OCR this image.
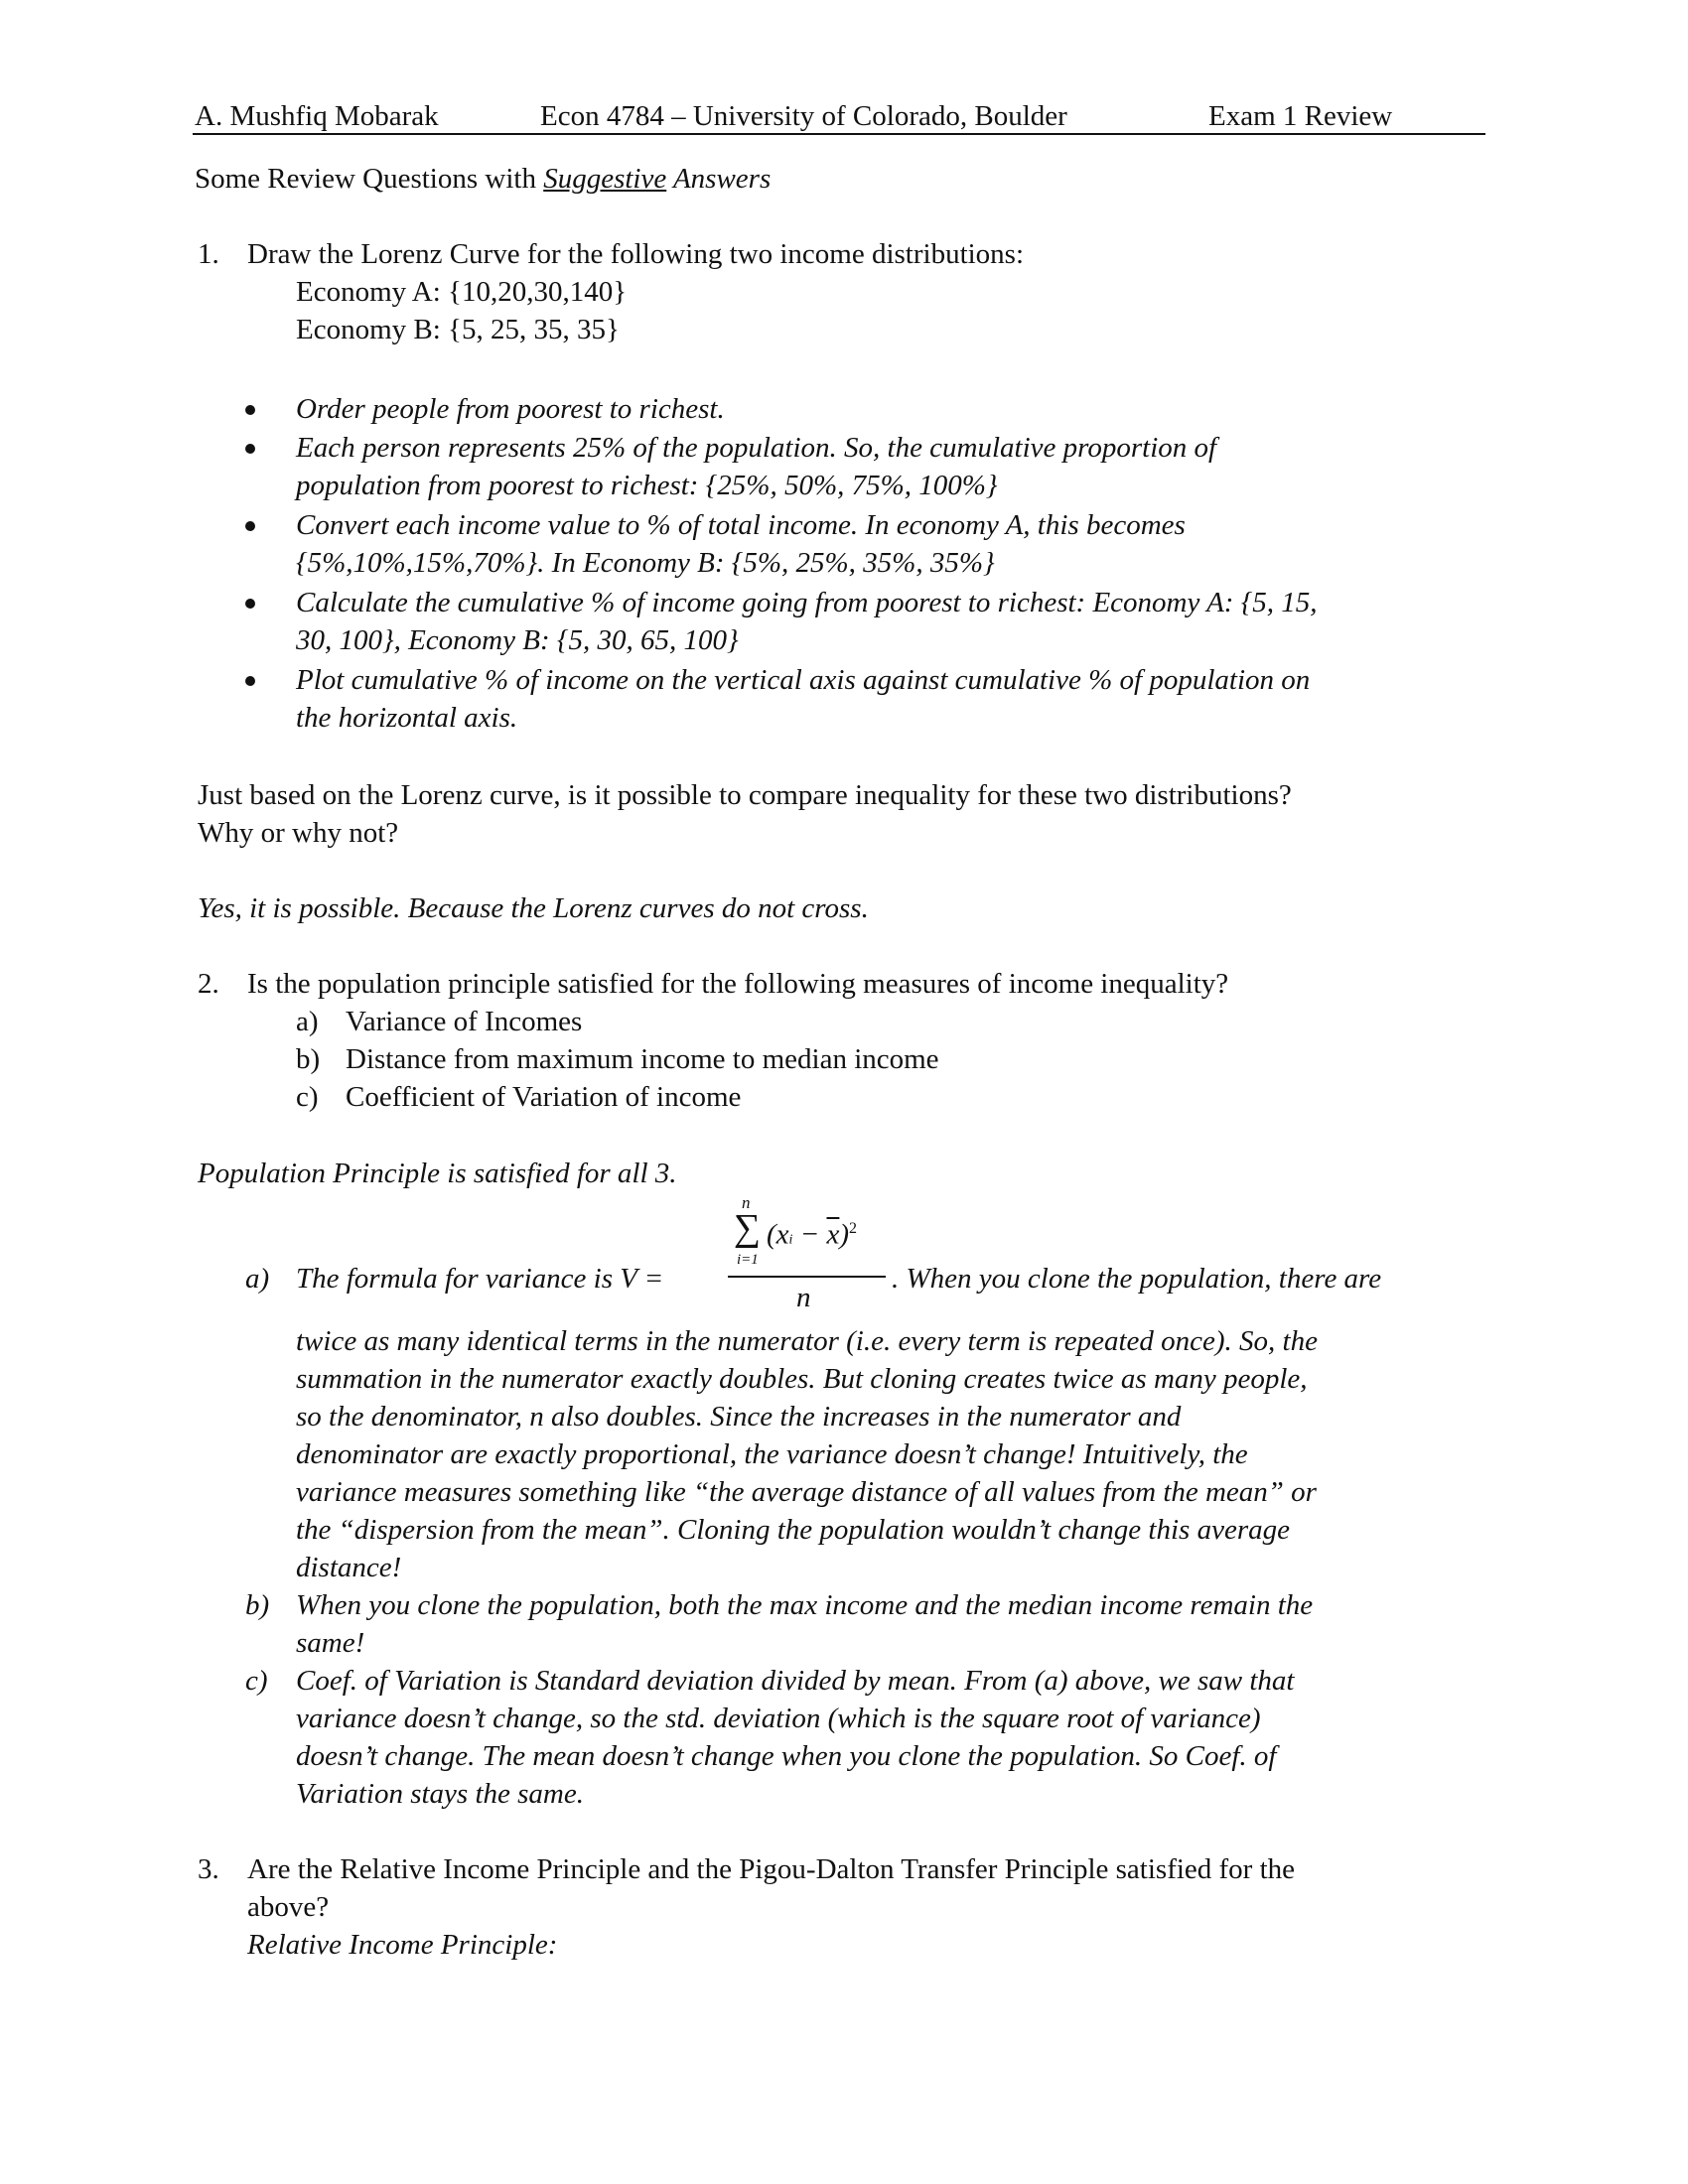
A. Mushfiq Mobarak	Econ 4784 – University of Colorado, Boulder	Exam 1 Review
Some Review Questions with Suggestive Answers
1. Draw the Lorenz Curve for the following two income distributions:
Economy A: {10,20,30,140}
Economy B: {5, 25, 35, 35}
Order people from poorest to richest.
Each person represents 25% of the population. So, the cumulative proportion of
population from poorest to richest: {25%, 50%, 75%, 100%}
Convert each income value to % of total income. In economy A, this becomes
{5%,10%,15%,70%}. In Economy B: {5%, 25%, 35%, 35%}
Calculate the cumulative % of income going from poorest to richest: Economy A: {5, 15,
30, 100}, Economy B: {5, 30, 65, 100}
Plot cumulative % of income on the vertical axis against cumulative % of population on
the horizontal axis.
Just based on the Lorenz curve, is it possible to compare inequality for these two distributions?
Why or why not?
Yes, it is possible. Because the Lorenz curves do not cross.
2. Is the population principle satisfied for the following measures of income inequality?
a) Variance of Incomes
b) Distance from maximum income to median income
c) Coefficient of Variation of income
Population Principle is satisfied for all 3.
n
∑
i=1
$(xi - \overline{x})^2$
n
a) The formula for variance is V =	. When you clone the population, there are
twice as many identical terms in the numerator (i.e. every term is repeated once). So, the
summation in the numerator exactly doubles. But cloning creates twice as many people,
so the denominator, n also doubles. Since the increases in the numerator and
denominator are exactly proportional, the variance doesn’t change! Intuitively, the
variance measures something like “the average distance of all values from the mean” or
the “dispersion from the mean”. Cloning the population wouldn’t change this average
distance!
b) When you clone the population, both the max income and the median income remain the
same!
c) Coef. of Variation is Standard deviation divided by mean. From (a) above, we saw that
variance doesn’t change, so the std. deviation (which is the square root of variance)
doesn’t change. The mean doesn’t change when you clone the population. So Coef. of
Variation stays the same.
3. Are the Relative Income Principle and the Pigou-Dalton Transfer Principle satisfied for the
above?
Relative Income Principle:
